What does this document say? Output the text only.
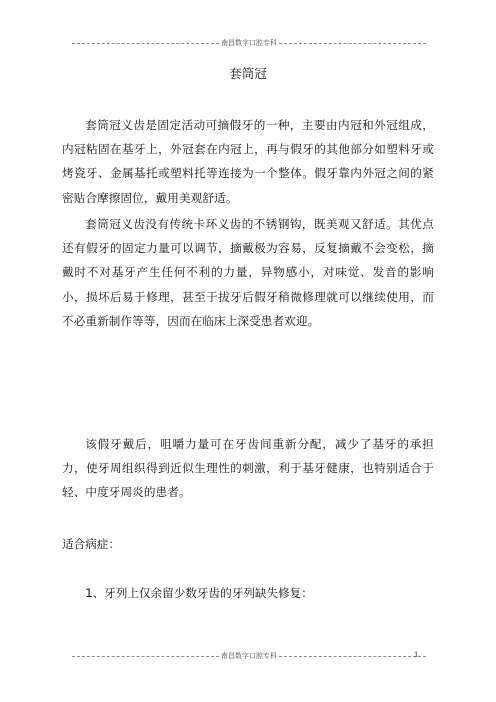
南昌数字口腔专科
套筒冠

套筒冠义齿是固定活动可摘假牙的一种，主要由内冠和外冠组成，内冠粘固在基牙上，外冠套在内冠上，再与假牙的其他部分如塑料牙或烤瓷牙、金属基托或塑料托等连接为一个整体。假牙靠内外冠之间的紧密贴合摩擦固位，戴用美观舒适。

套筒冠义齿没有传统卡环义齿的不锈钢钩，既美观又舒适。其优点还有假牙的固定力量可以调节，摘戴极为容易，反复摘戴不会变松，摘戴时不对基牙产生任何不利的力量，异物感小，对味觉、发音的影响小，损坏后易于修理，甚至于拔牙后假牙稍微修理就可以继续使用，而不必重新制作等等，因而在临床上深受患者欢迎。

该假牙戴后，咀嚼力量可在牙齿间重新分配，减少了基牙的承担力，使牙周组织得到近似生理性的刺激，利于基牙健康，也特别适合于轻、中度牙周炎的患者。

适合病症：

1、牙列上仅余留少数牙齿的牙列缺失修复：

南昌数字口腔专科	1
